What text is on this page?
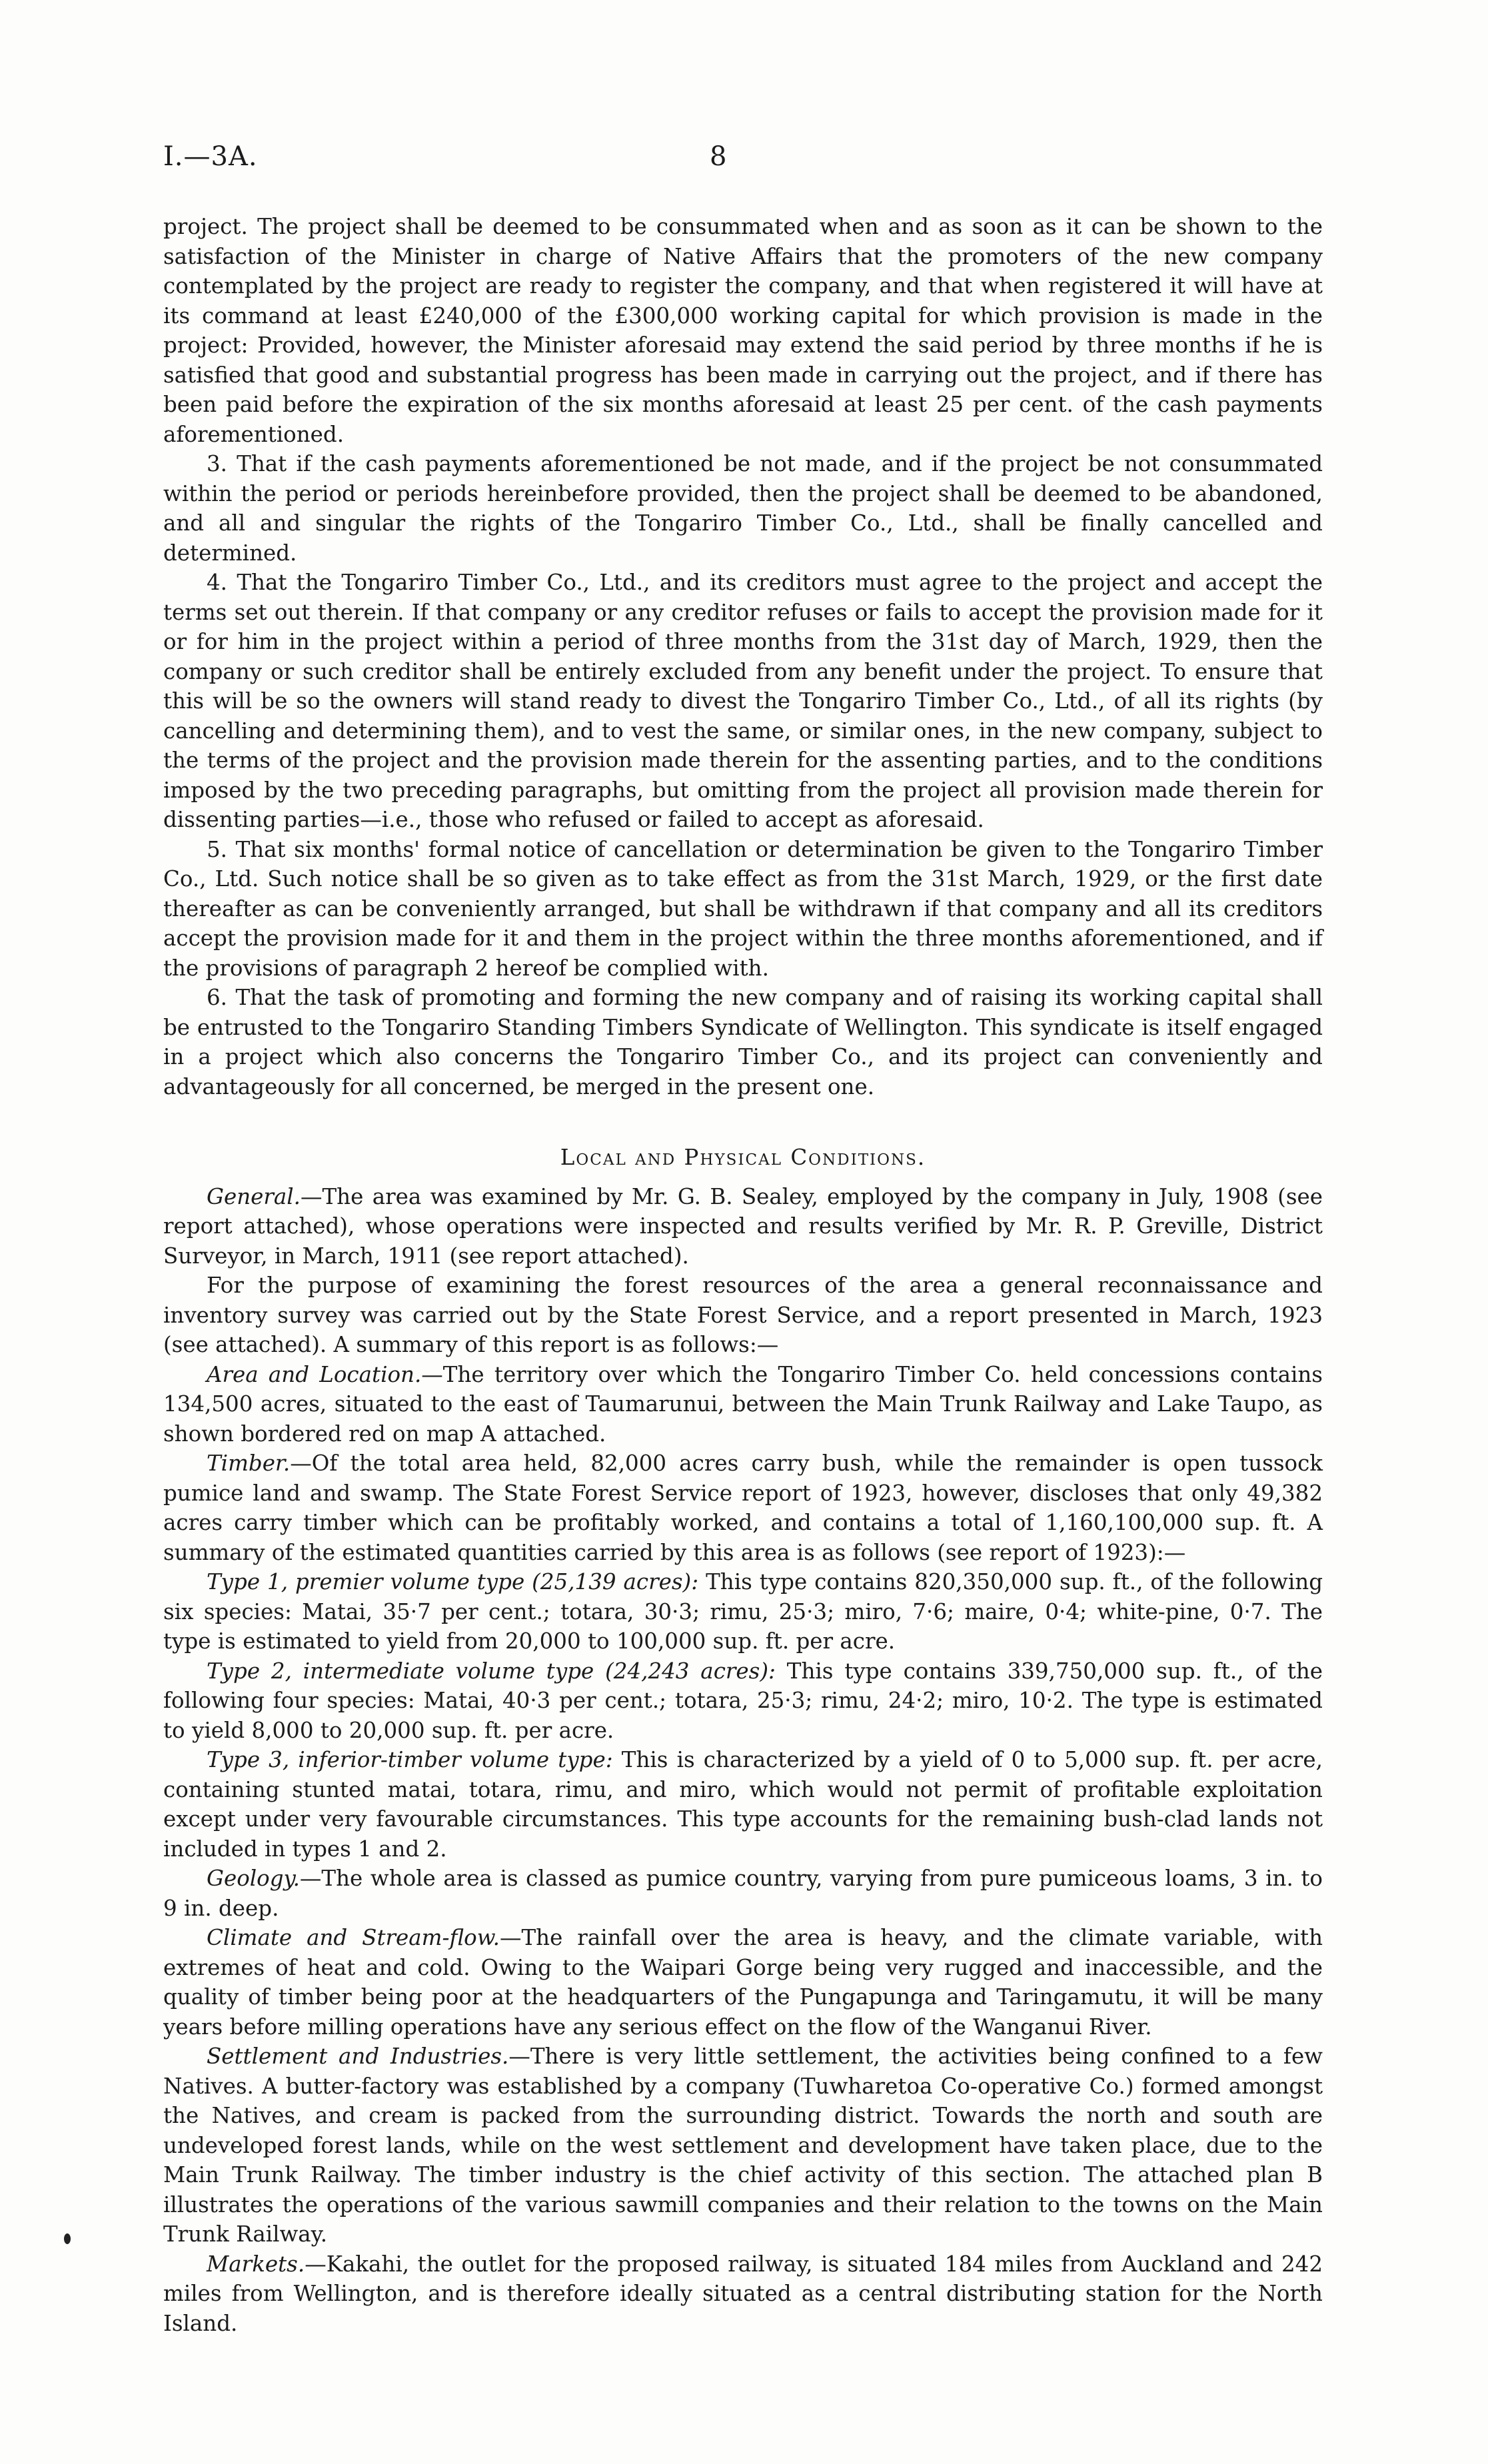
I.—3A.	8

project. The project shall be deemed to be consummated when and as soon as it can be shown to the satisfaction of the Minister in charge of Native Affairs that the promoters of the new company contemplated by the project are ready to register the company, and that when registered it will have at its command at least £240,000 of the £300,000 working capital for which provision is made in the project: Provided, however, the Minister aforesaid may extend the said period by three months if he is satisfied that good and substantial progress has been made in carrying out the project, and if there has been paid before the expiration of the six months aforesaid at least 25 per cent. of the cash payments aforementioned.

3. That if the cash payments aforementioned be not made, and if the project be not consummated within the period or periods hereinbefore provided, then the project shall be deemed to be abandoned, and all and singular the rights of the Tongariro Timber Co., Ltd., shall be finally cancelled and determined.

4. That the Tongariro Timber Co., Ltd., and its creditors must agree to the project and accept the terms set out therein. If that company or any creditor refuses or fails to accept the provision made for it or for him in the project within a period of three months from the 31st day of March, 1929, then the company or such creditor shall be entirely excluded from any benefit under the project. To ensure that this will be so the owners will stand ready to divest the Tongariro Timber Co., Ltd., of all its rights (by cancelling and determining them), and to vest the same, or similar ones, in the new company, subject to the terms of the project and the provision made therein for the assenting parties, and to the conditions imposed by the two preceding paragraphs, but omitting from the project all provision made therein for dissenting parties—i.e., those who refused or failed to accept as aforesaid.

5. That six months' formal notice of cancellation or determination be given to the Tongariro Timber Co., Ltd. Such notice shall be so given as to take effect as from the 31st March, 1929, or the first date thereafter as can be conveniently arranged, but shall be withdrawn if that company and all its creditors accept the provision made for it and them in the project within the three months aforementioned, and if the provisions of paragraph 2 hereof be complied with.

6. That the task of promoting and forming the new company and of raising its working capital shall be entrusted to the Tongariro Standing Timbers Syndicate of Wellington. This syndicate is itself engaged in a project which also concerns the Tongariro Timber Co., and its project can conveniently and advantageously for all concerned, be merged in the present one.

Local and Physical Conditions.

General.—The area was examined by Mr. G. B. Sealey, employed by the company in July, 1908 (see report attached), whose operations were inspected and results verified by Mr. R. P. Greville, District Surveyor, in March, 1911 (see report attached).

For the purpose of examining the forest resources of the area a general reconnaissance and inventory survey was carried out by the State Forest Service, and a report presented in March, 1923 (see attached). A summary of this report is as follows:—

Area and Location.—The territory over which the Tongariro Timber Co. held concessions contains 134,500 acres, situated to the east of Taumarunui, between the Main Trunk Railway and Lake Taupo, as shown bordered red on map A attached.

Timber.—Of the total area held, 82,000 acres carry bush, while the remainder is open tussock pumice land and swamp. The State Forest Service report of 1923, however, discloses that only 49,382 acres carry timber which can be profitably worked, and contains a total of 1,160,100,000 sup. ft. A summary of the estimated quantities carried by this area is as follows (see report of 1923):—

Type 1, premier volume type (25,139 acres): This type contains 820,350,000 sup. ft., of the following six species: Matai, 35·7 per cent.; totara, 30·3; rimu, 25·3; miro, 7·6; maire, 0·4; white-pine, 0·7. The type is estimated to yield from 20,000 to 100,000 sup. ft. per acre.

Type 2, intermediate volume type (24,243 acres): This type contains 339,750,000 sup. ft., of the following four species: Matai, 40·3 per cent.; totara, 25·3; rimu, 24·2; miro, 10·2. The type is estimated to yield 8,000 to 20,000 sup. ft. per acre.

Type 3, inferior-timber volume type: This is characterized by a yield of 0 to 5,000 sup. ft. per acre, containing stunted matai, totara, rimu, and miro, which would not permit of profitable exploitation except under very favourable circumstances. This type accounts for the remaining bush-clad lands not included in types 1 and 2.

Geology.—The whole area is classed as pumice country, varying from pure pumiceous loams, 3 in. to 9 in. deep.

Climate and Stream-flow.—The rainfall over the area is heavy, and the climate variable, with extremes of heat and cold. Owing to the Waipari Gorge being very rugged and inaccessible, and the quality of timber being poor at the headquarters of the Pungapunga and Taringamutu, it will be many years before milling operations have any serious effect on the flow of the Wanganui River.

Settlement and Industries.—There is very little settlement, the activities being confined to a few Natives. A butter-factory was established by a company (Tuwharetoa Co-operative Co.) formed amongst the Natives, and cream is packed from the surrounding district. Towards the north and south are undeveloped forest lands, while on the west settlement and development have taken place, due to the Main Trunk Railway. The timber industry is the chief activity of this section. The attached plan B illustrates the operations of the various sawmill companies and their relation to the towns on the Main Trunk Railway.

Markets.—Kakahi, the outlet for the proposed railway, is situated 184 miles from Auckland and 242 miles from Wellington, and is therefore ideally situated as a central distributing station for the North Island.
